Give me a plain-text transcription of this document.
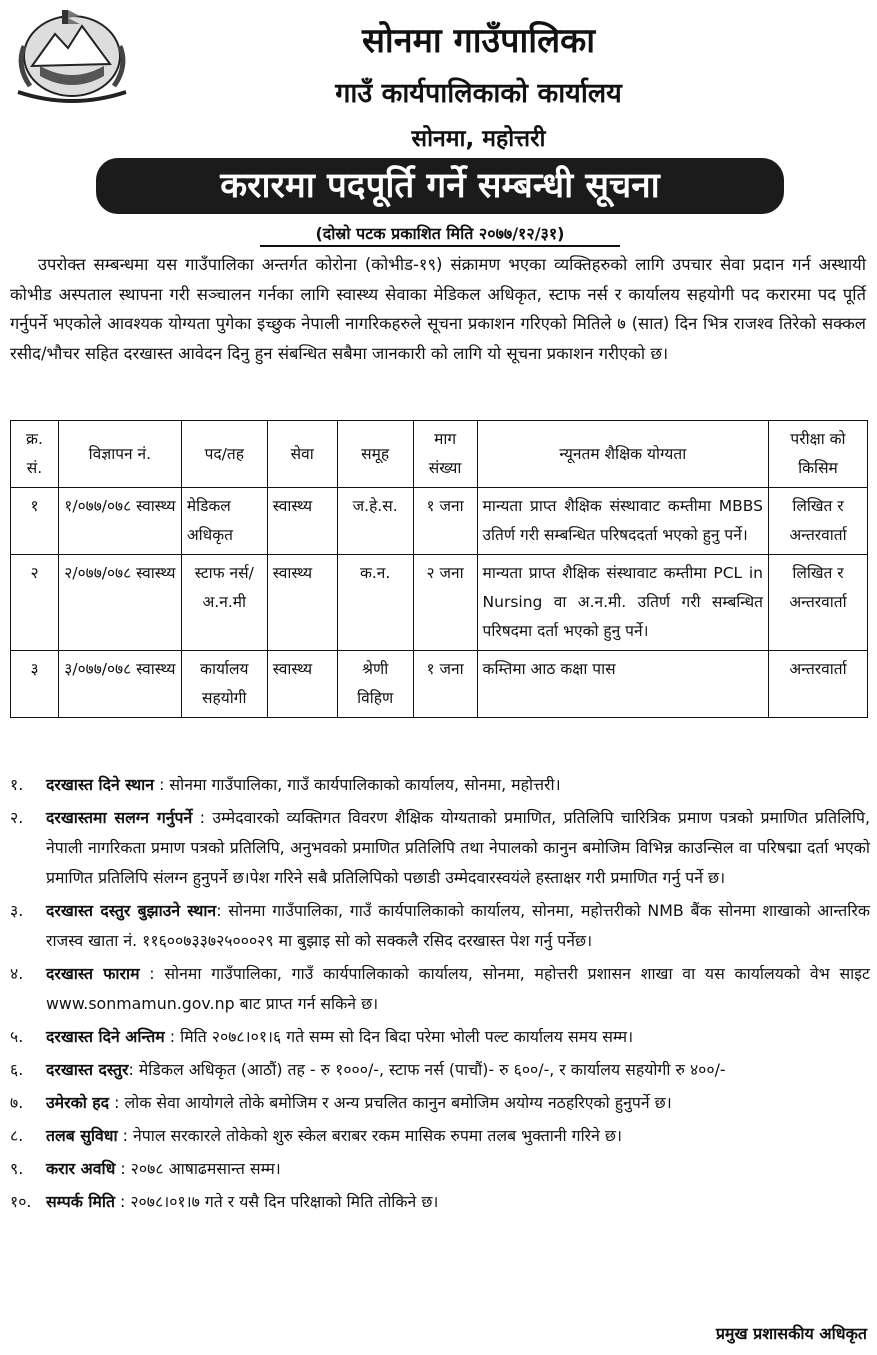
सोनमा गाउँपालिका
गाउँ कार्यपालिकाको कार्यालय
सोनमा, महोत्तरी
करारमा पदपूर्ति गर्ने सम्बन्धी सूचना
(दोस्रो पटक प्रकाशित मिति २०७७/१२/३१)

उपरोक्त सम्बन्धमा यस गाउँपालिका अन्तर्गत कोरोना (कोभीड-१९) संक्रामण भएका व्यक्तिहरुको लागि उपचार सेवा प्रदान गर्न अस्थायी कोभीड अस्पताल स्थापना गरी सञ्चालन गर्नका लागि स्वास्थ्य सेवाका मेडिकल अधिकृत, स्टाफ नर्स र कार्यालय सहयोगी पद करारमा पद पूर्ति गर्नुपर्ने भएकोले आवश्यक योग्यता पुगेका इच्छुक नेपाली नागरिकहरुले सूचना प्रकाशन गरिएको मितिले ७ (सात) दिन भित्र राजश्व तिरेको सक्कल रसीद/भौचर सहित दरखास्त आवेदन दिनु हुन संबन्धित सबैमा जानकारी को लागि यो सूचना प्रकाशन गरीएको छ।

क्र. सं.	विज्ञापन नं.	पद/तह	सेवा	समूह	माग संख्या	न्यूनतम शैक्षिक योग्यता	परीक्षा को किसिम
१	१/०७७/०७८ स्वास्थ्य	मेडिकल अधिकृत	स्वास्थ्य	ज.हे.स.	१ जना	मान्यता प्राप्त शैक्षिक संस्थावाट कम्तीमा MBBS उतिर्ण गरी सम्बन्धित परिषददर्ता भएको हुनु पर्ने।	लिखित र अन्तरवार्ता
२	२/०७७/०७८ स्वास्थ्य	स्टाफ नर्स/ अ.न.मी	स्वास्थ्य	क.न.	२ जना	मान्यता प्राप्त शैक्षिक संस्थावाट कम्तीमा PCL in Nursing वा अ.न.मी. उतिर्ण गरी सम्बन्धित परिषदमा दर्ता भएको हुनु पर्ने।	लिखित र अन्तरवार्ता
३	३/०७७/०७८ स्वास्थ्य	कार्यालय सहयोगी	स्वास्थ्य	श्रेणी विहिण	१ जना	कम्तिमा आठ कक्षा पास	अन्तरवार्ता
१. दरखास्त दिने स्थान : सोनमा गाउँपालिका, गाउँ कार्यपालिकाको कार्यालय, सोनमा, महोत्तरी।
२. दरखास्तमा सलग्न गर्नुपर्ने : उम्मेदवारको व्यक्तिगत विवरण शैक्षिक योग्यताको प्रमाणित, प्रतिलिपि चारित्रिक प्रमाण पत्रको प्रमाणित प्रतिलिपि, नेपाली नागरिकता प्रमाण पत्रको प्रतिलिपि, अनुभवको प्रमाणित प्रतिलिपि तथा नेपालको कानुन बमोजिम विभिन्न काउन्सिल वा परिषद्मा दर्ता भएको प्रमाणित प्रतिलिपि संलग्न हुनुपर्ने छ।पेश गरिने सबै प्रतिलिपिको पछाडी उम्मेदवारस्वयंले हस्ताक्षर गरी प्रमाणित गर्नु पर्ने छ।
३. दरखास्त दस्तुर बुझाउने स्थान: सोनमा गाउँपालिका, गाउँ कार्यपालिकाको कार्यालय, सोनमा, महोत्तरीको NMB बैंक सोनमा शाखाको आन्तरिक राजस्व खाता नं. ११६००७३३७२५०००२९ मा बुझाइ सो को सक्कलै रसिद दरखास्त पेश गर्नु पर्नेछ।
४. दरखास्त फाराम : सोनमा गाउँपालिका, गाउँ कार्यपालिकाको कार्यालय, सोनमा, महोत्तरी प्रशासन शाखा वा यस कार्यालयको वेभ साइट www.sonmamun.gov.np बाट प्राप्त गर्न सकिने छ।
५. दरखास्त दिने अन्तिम : मिति २०७८।०१।६ गते सम्म सो दिन बिदा परेमा भोली पल्ट कार्यालय समय सम्म।
६. दरखास्त दस्तुर: मेडिकल अधिकृत (आठौं) तह - रु १०००/-, स्टाफ नर्स (पाचौं)- रु ६००/-, र कार्यालय सहयोगी रु ४००/-
७. उमेरको हद : लोक सेवा आयोगले तोके बमोजिम र अन्य प्रचलित कानुन बमोजिम अयोग्य नठहरिएको हुनुपर्ने छ।
८. तलब सुविधा : नेपाल सरकारले तोकेको शुरु स्केल बराबर रकम मासिक रुपमा तलब भुक्तानी गरिने छ।
९. करार अवधि : २०७८ आषाढमसान्त सम्म।
१०. सम्पर्क मिति : २०७८।०१।७ गते र यसै दिन परिक्षाको मिति तोकिने छ।
प्रमुख प्रशासकीय अधिकृत
